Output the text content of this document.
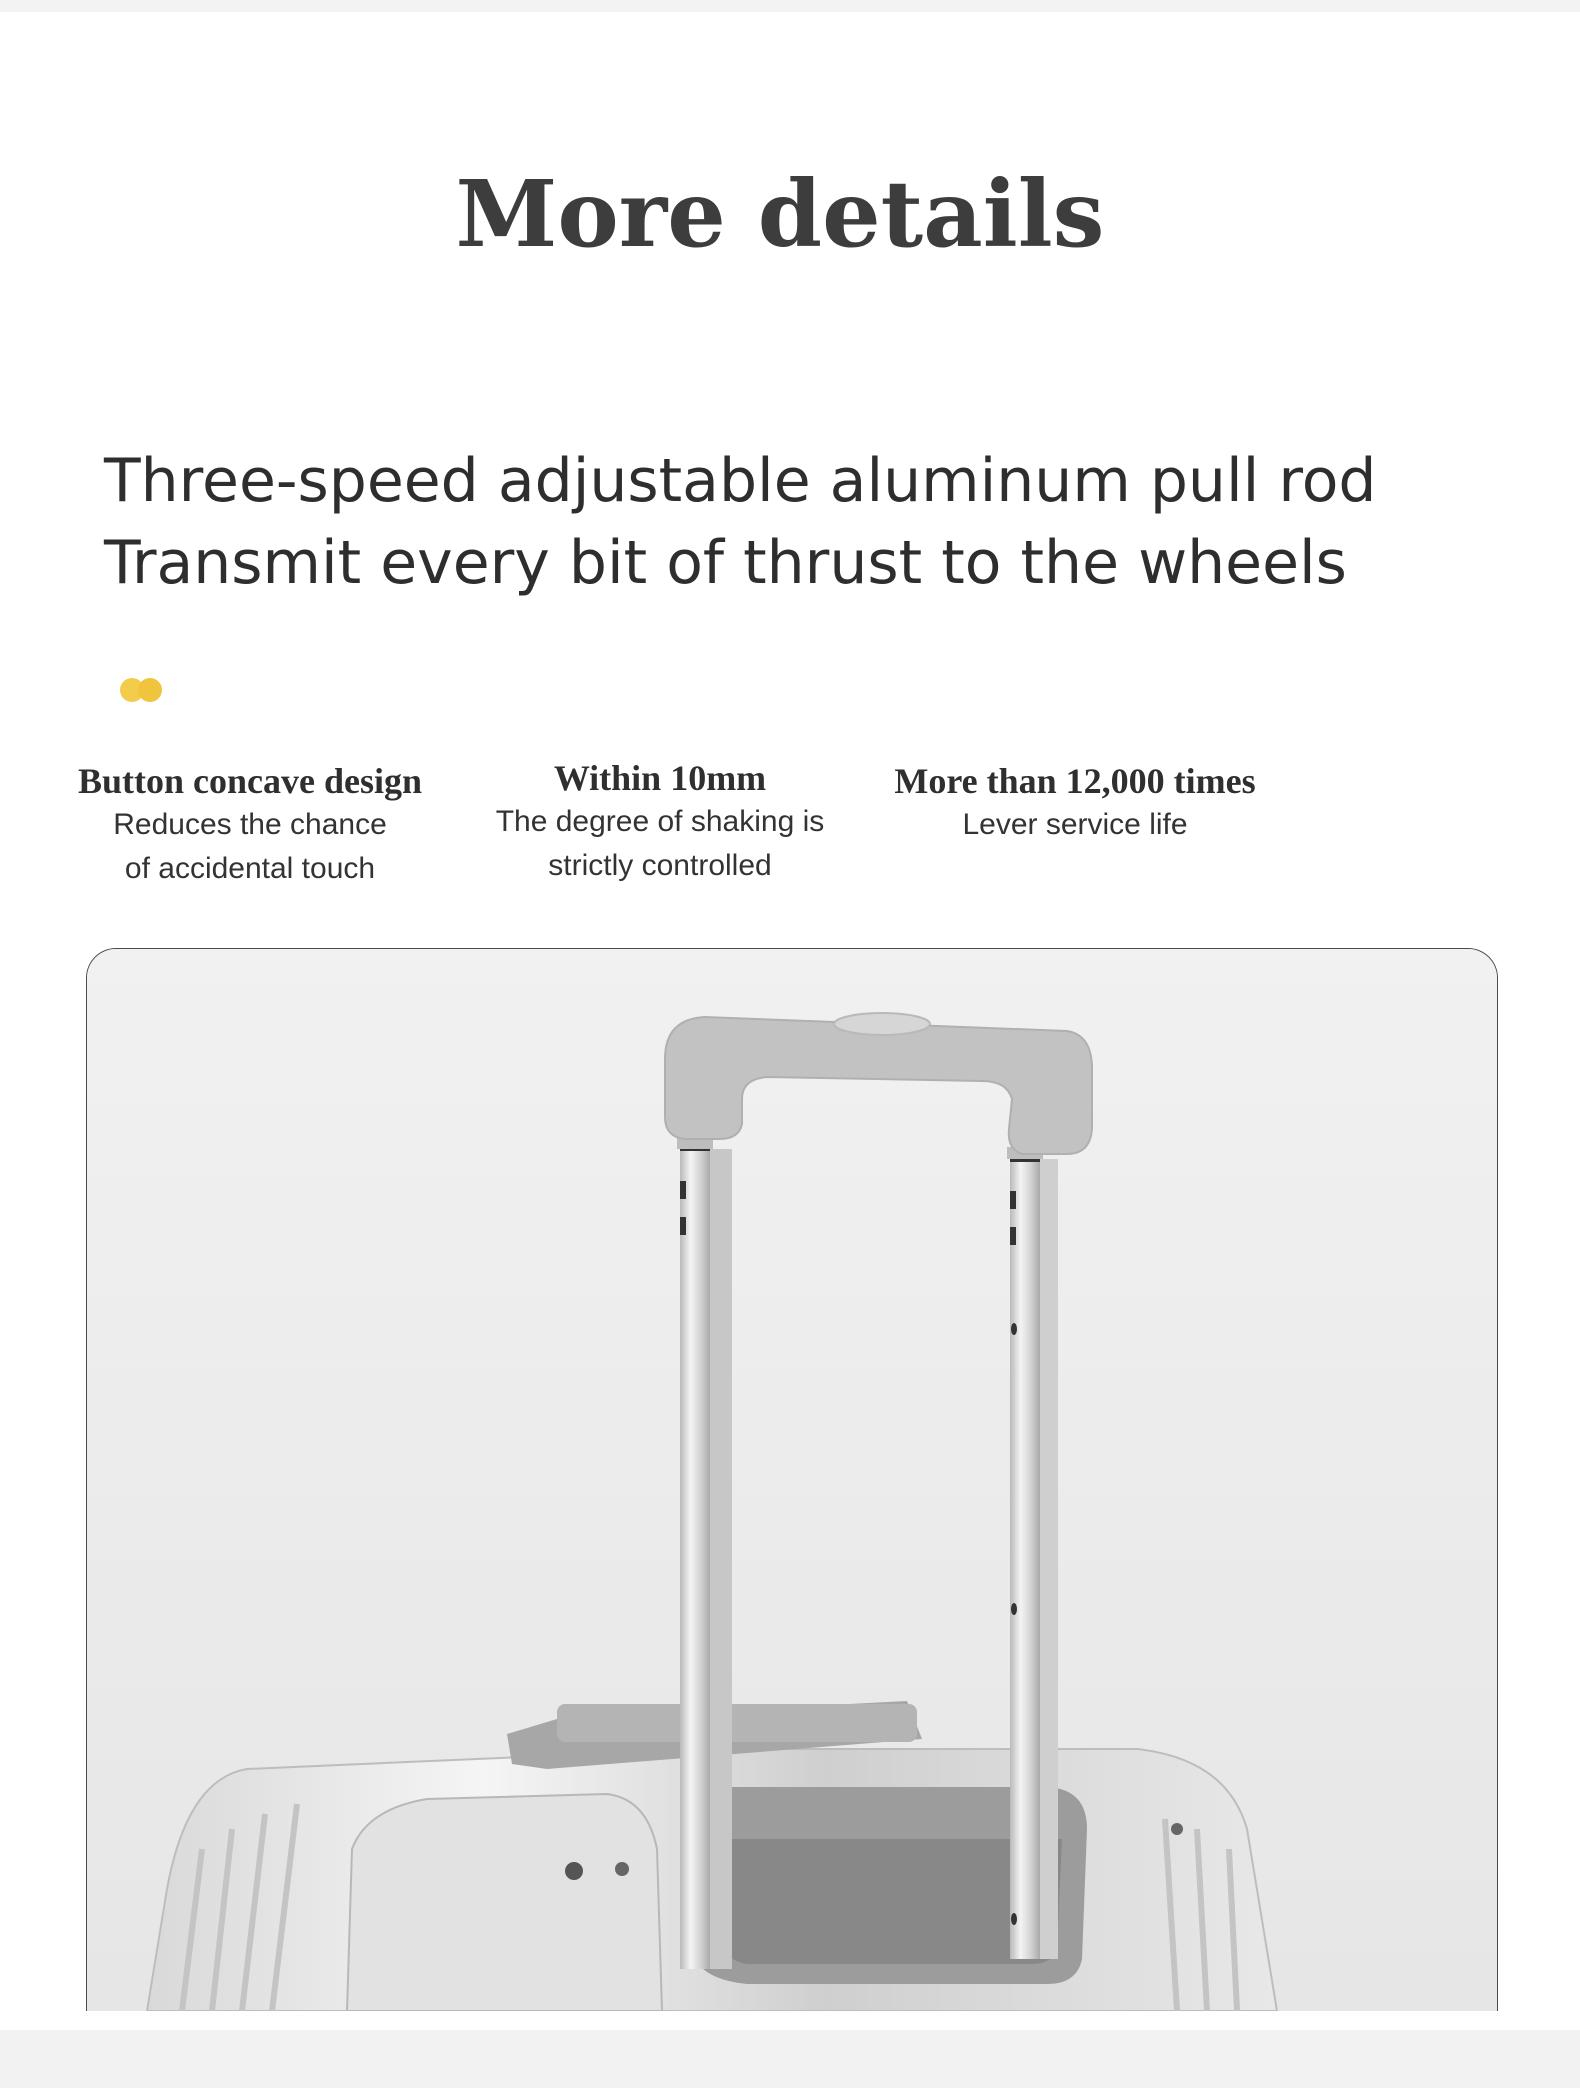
More details
Three-speed adjustable aluminum pull rod
Transmit every bit of thrust to the wheels
Button concave design
Reduces the chance
of accidental touch
Within 10mm
The degree of shaking is
strictly controlled
More than 12,000 times
Lever service life
